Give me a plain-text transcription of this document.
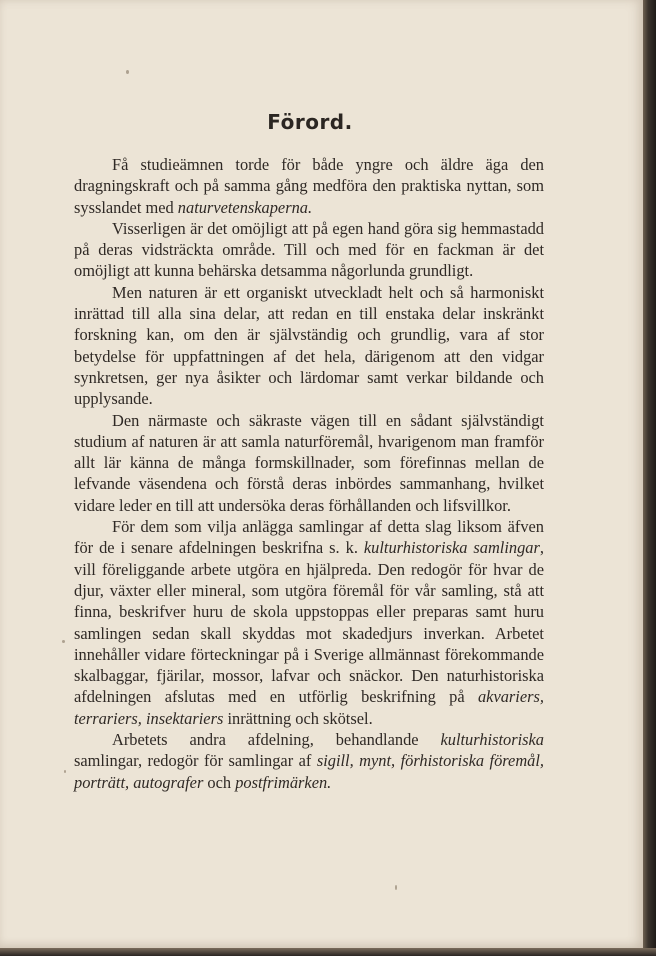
Förord.

Få studieämnen torde för både yngre och äldre äga den dragningskraft och på samma gång medföra den praktiska nyttan, som sysslandet med naturvetenskaperna.

Visserligen är det omöjligt att på egen hand göra sig hemmastadd på deras vidsträckta område. Till och med för en fackman är det omöjligt att kunna behärska detsamma någorlunda grundligt.

Men naturen är ett organiskt utveckladt helt och så harmoniskt inrättad till alla sina delar, att redan en till enstaka delar inskränkt forskning kan, om den är självständig och grundlig, vara af stor betydelse för uppfattningen af det hela, därigenom att den vidgar synkretsen, ger nya åsikter och lärdomar samt verkar bildande och upplysande.

Den närmaste och säkraste vägen till en sådant självständigt studium af naturen är att samla naturföremål, hvarigenom man framför allt lär känna de många formskillnader, som förefinnas mellan de lefvande väsendena och förstå deras inbördes sammanhang, hvilket vidare leder en till att undersöka deras förhållanden och lifsvillkor.

För dem som vilja anlägga samlingar af detta slag liksom äfven för de i senare afdelningen beskrifna s. k. kulturhistoriska samlingar, vill föreliggande arbete utgöra en hjälpreda. Den redogör för hvar de djur, växter eller mineral, som utgöra föremål för vår samling, stå att finna, beskrifver huru de skola uppstoppas eller preparas samt huru samlingen sedan skall skyddas mot skadedjurs inverkan. Arbetet innehåller vidare förteckningar på i Sverige allmännast förekommande skalbaggar, fjärilar, mossor, lafvar och snäckor. Den naturhistoriska afdelningen afslutas med en utförlig beskrifning på akvariers, terrariers, insektariers inrättning och skötsel.

Arbetets andra afdelning, behandlande kulturhistoriska samlingar, redogör för samlingar af sigill, mynt, förhistoriska föremål, porträtt, autografer och postfrimärken.
